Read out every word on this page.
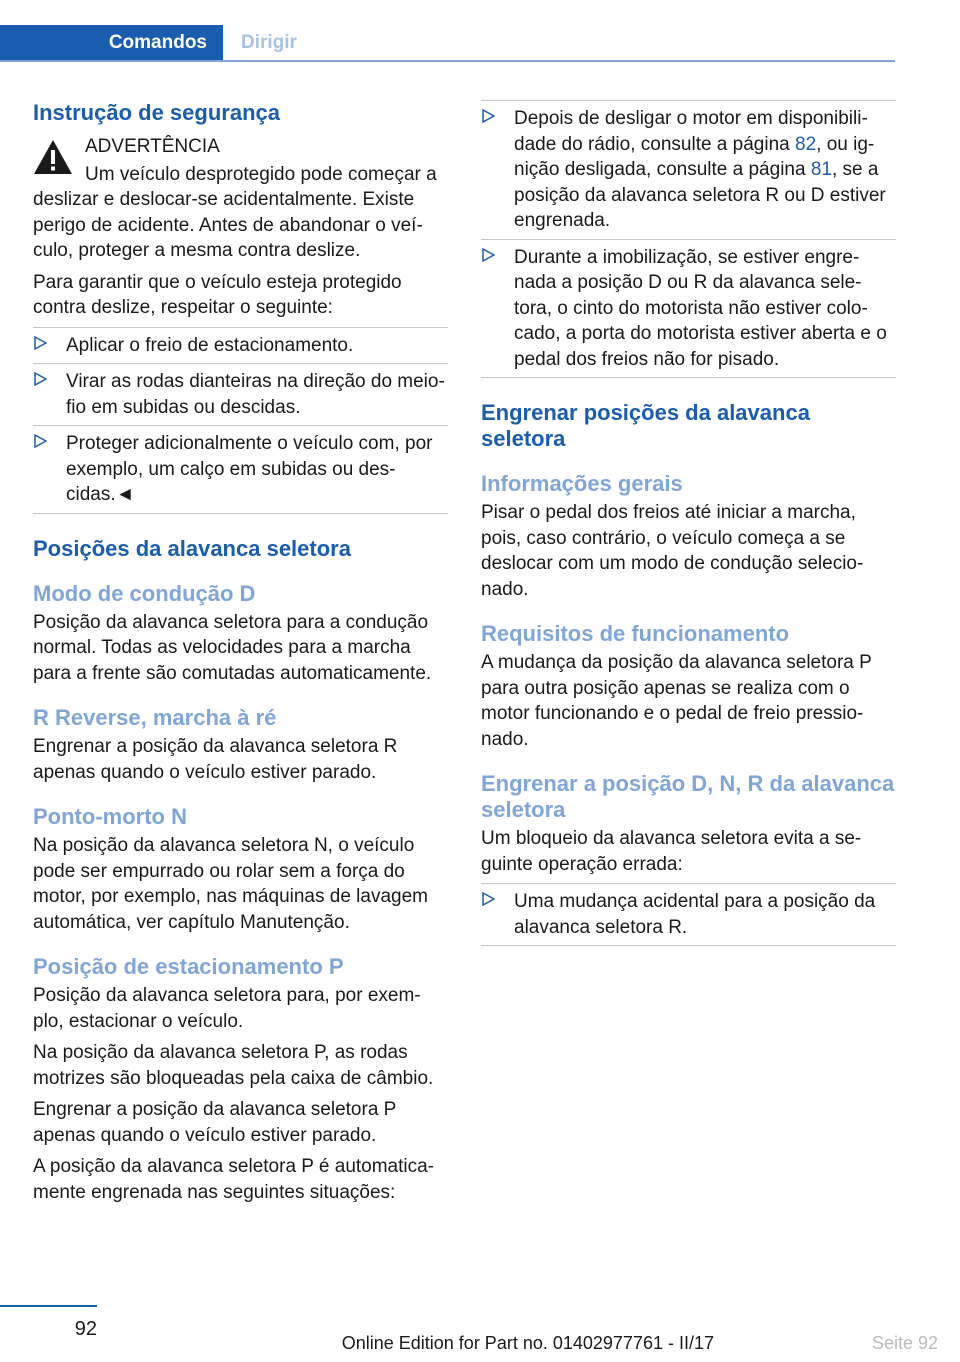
Comandos Dirigir
Instrução de segurança
ADVERTÊNCIA

Um veículo desprotegido pode começar a deslizar e deslocar-se acidentalmente. Existe perigo de acidente. Antes de abandonar o veí‐culo, proteger a mesma contra deslize.

Para garantir que o veículo esteja protegido contra deslize, respeitar o seguinte:

Aplicar o freio de estacionamento.
Virar as rodas dianteiras na direção do meio-fio em subidas ou descidas.
Proteger adicionalmente o veículo com, por exemplo, um calço em subidas ou des‐cidas.◄
Posições da alavanca seletora
Modo de condução D

Posição da alavanca seletora para a condução normal. Todas as velocidades para a marcha para a frente são comutadas automaticamente.

R Reverse, marcha à ré

Engrenar a posição da alavanca seletora R apenas quando o veículo estiver parado.

Ponto-morto N

Na posição da alavanca seletora N, o veículo pode ser empurrado ou rolar sem a força do motor, por exemplo, nas máquinas de lavagem automática, ver capítulo Manutenção.

Posição de estacionamento P

Posição da alavanca seletora para, por exem‐plo, estacionar o veículo.

Na posição da alavanca seletora P, as rodas motrizes são bloqueadas pela caixa de câmbio.

Engrenar a posição da alavanca seletora P apenas quando o veículo estiver parado.

A posição da alavanca seletora P é automatica‐mente engrenada nas seguintes situações:

Depois de desligar o motor em disponibili‐dade do rádio, consulte a página 82, ou ig‐nição desligada, consulte a página 81, se a posição da alavanca seletora R ou D estiver engrenada.
Durante a imobilização, se estiver engre‐nada a posição D ou R da alavanca sele‐tora, o cinto do motorista não estiver colo‐cado, a porta do motorista estiver aberta e o pedal dos freios não for pisado.
Engrenar posições da alavanca seletora
Informações gerais

Pisar o pedal dos freios até iniciar a marcha, pois, caso contrário, o veículo começa a se deslocar com um modo de condução selecio‐nado.

Requisitos de funcionamento

A mudança da posição da alavanca seletora P para outra posição apenas se realiza com o motor funcionando e o pedal de freio pressio‐nado.

Engrenar a posição D, N, R da alavanca seletora

Um bloqueio da alavanca seletora evita a se‐guinte operação errada:

Uma mudança acidental para a posição da alavanca seletora R.
92
Online Edition for Part no. 01402977761 - II/17	Seite 92
